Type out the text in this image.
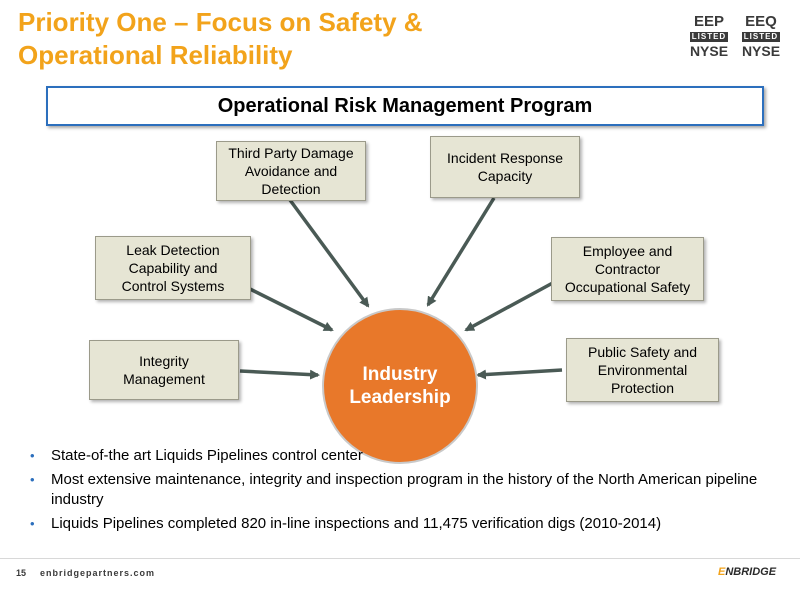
Priority One – Focus on Safety &
Operational Reliability
EEP
LISTED
NYSE
EEQ
LISTED
NYSE
Operational Risk Management Program
Third Party Damage
Avoidance and
Detection
Incident Response
Capacity
Leak Detection
Capability and
Control Systems
Employee and
Contractor
Occupational Safety
Integrity
Management
Public Safety and
Environmental
Protection
Industry
Leadership
• State-of-the art Liquids Pipelines control center
• Most extensive maintenance, integrity and inspection program in the history of the North American pipeline industry
• Liquids Pipelines completed 820 in-line inspections and 11,475 verification digs (2010-2014)
15 enbridgepartners.com	ENBRIDGE
